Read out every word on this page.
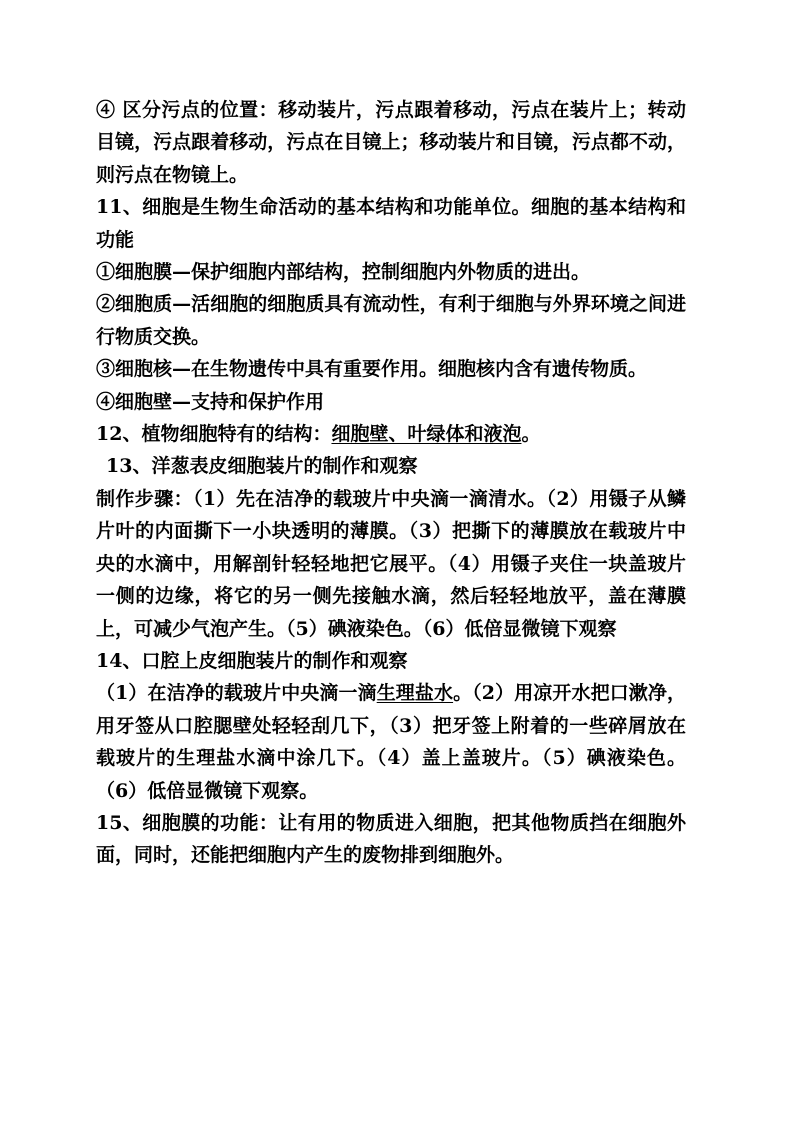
④ 区分污点的位置：移动装片，污点跟着移动，污点在装片上；转动目镜，污点跟着移动，污点在目镜上；移动装片和目镜，污点都不动，则污点在物镜上。

11、细胞是生物生命活动的基本结构和功能单位。细胞的基本结构和功能

①细胞膜—保护细胞内部结构，控制细胞内外物质的进出。

②细胞质—活细胞的细胞质具有流动性，有利于细胞与外界环境之间进行物质交换。

③细胞核—在生物遗传中具有重要作用。细胞核内含有遗传物质。

④细胞壁—支持和保护作用

12、植物细胞特有的结构：细胞壁、叶绿体和液泡。

13、洋葱表皮细胞装片的制作和观察

制作步骤：（1）先在洁净的载玻片中央滴一滴清水。（2）用镊子从鳞片叶的内面撕下一小块透明的薄膜。（3）把撕下的薄膜放在载玻片中央的水滴中，用解剖针轻轻地把它展平。（4）用镊子夹住一块盖玻片一侧的边缘，将它的另一侧先接触水滴，然后轻轻地放平，盖在薄膜上，可减少气泡产生。（5）碘液染色。（6）低倍显微镜下观察

14、口腔上皮细胞装片的制作和观察

（1）在洁净的载玻片中央滴一滴生理盐水。（2）用凉开水把口漱净，用牙签从口腔腮壁处轻轻刮几下，（3）把牙签上附着的一些碎屑放在载玻片的生理盐水滴中涂几下。（4）盖上盖玻片。（5）碘液染色。（6）低倍显微镜下观察。

15、细胞膜的功能：让有用的物质进入细胞，把其他物质挡在细胞外面，同时，还能把细胞内产生的废物排到细胞外。
